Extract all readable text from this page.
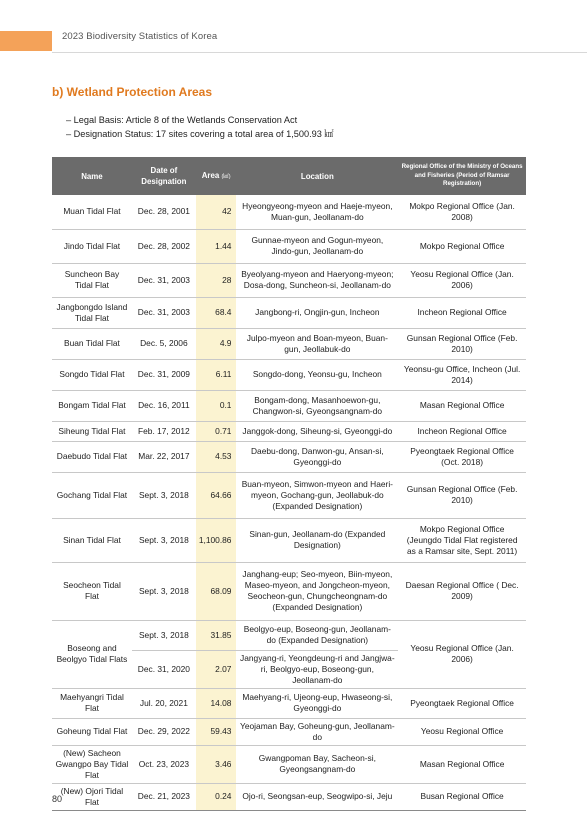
2023 Biodiversity Statistics of Korea
b) Wetland Protection Areas
– Legal Basis: Article 8 of the Wetlands Conservation Act
– Designation Status: 17 sites covering a total area of 1,500.93 ㎢
Name	Date of Designation	Area (㎢)	Location	Regional Office of the Ministry of Oceans and Fisheries (Period of Ramsar Registration)
Muan Tidal Flat	Dec. 28, 2001	42	Hyeongyeong-myeon and Haeje-myeon, Muan-gun, Jeollanam-do	Mokpo Regional Office (Jan. 2008)
Jindo Tidal Flat	Dec. 28, 2002	1.44	Gunnae-myeon and Gogun-myeon, Jindo-gun, Jeollanam-do	Mokpo Regional Office
Suncheon Bay Tidal Flat	Dec. 31, 2003	28	Byeolyang-myeon and Haeryong-myeon; Dosa-dong, Suncheon-si, Jeollanam-do	Yeosu Regional Office (Jan. 2006)
Jangbongdo Island Tidal Flat	Dec. 31, 2003	68.4	Jangbong-ri, Ongjin-gun, Incheon	Incheon Regional Office
Buan Tidal Flat	Dec. 5, 2006	4.9	Julpo-myeon and Boan-myeon, Buan-gun, Jeollabuk-do	Gunsan Regional Office (Feb. 2010)
Songdo Tidal Flat	Dec. 31, 2009	6.11	Songdo-dong, Yeonsu-gu, Incheon	Yeonsu-gu Office, Incheon (Jul. 2014)
Bongam Tidal Flat	Dec. 16, 2011	0.1	Bongam-dong, Masanhoewon-gu, Changwon-si, Gyeongsangnam-do	Masan Regional Office
Siheung Tidal Flat	Feb. 17, 2012	0.71	Janggok-dong, Siheung-si, Gyeonggi-do	Incheon Regional Office
Daebudo Tidal Flat	Mar. 22, 2017	4.53	Daebu-dong, Danwon-gu, Ansan-si, Gyeonggi-do	Pyeongtaek Regional Office (Oct. 2018)
Gochang Tidal Flat	Sept. 3, 2018	64.66	Buan-myeon, Simwon-myeon and Haeri-myeon, Gochang-gun, Jeollabuk-do (Expanded Designation)	Gunsan Regional Office (Feb. 2010)
Sinan Tidal Flat	Sept. 3, 2018	1,100.86	Sinan-gun, Jeollanam-do (Expanded Designation)	Mokpo Regional Office (Jeungdo Tidal Flat registered as a Ramsar site, Sept. 2011)
Seocheon Tidal Flat	Sept. 3, 2018	68.09	Janghang-eup; Seo-myeon, Biin-myeon, Maseo-myeon, and Jongcheon-myeon, Seocheon-gun, Chungcheongnam-do (Expanded Designation)	Daesan Regional Office ( Dec. 2009)
Boseong and Beolgyo Tidal Flats	Sept. 3, 2018	31.85	Beolgyo-eup, Boseong-gun, Jeollanam-do (Expanded Designation)	Yeosu Regional Office (Jan. 2006)
	Dec. 31, 2020	2.07	Jangyang-ri, Yeongdeung-ri and Jangjwa-ri, Beolgyo-eup, Boseong-gun, Jeollanam-do	
Maehyangri Tidal Flat	Jul. 20, 2021	14.08	Maehyang-ri, Ujeong-eup, Hwaseong-si, Gyeonggi-do	Pyeongtaek Regional Office
Goheung Tidal Flat	Dec. 29, 2022	59.43	Yeojaman Bay, Goheung-gun, Jeollanam-do	Yeosu Regional Office
(New) Sacheon Gwangpo Bay Tidal Flat	Oct. 23, 2023	3.46	Gwangpoman Bay, Sacheon-si, Gyeongsangnam-do	Masan Regional Office
(New) Ojori Tidal Flat	Dec. 21, 2023	0.24	Ojo-ri, Seongsan-eup, Seogwipo-si, Jeju	Busan Regional Office
80
